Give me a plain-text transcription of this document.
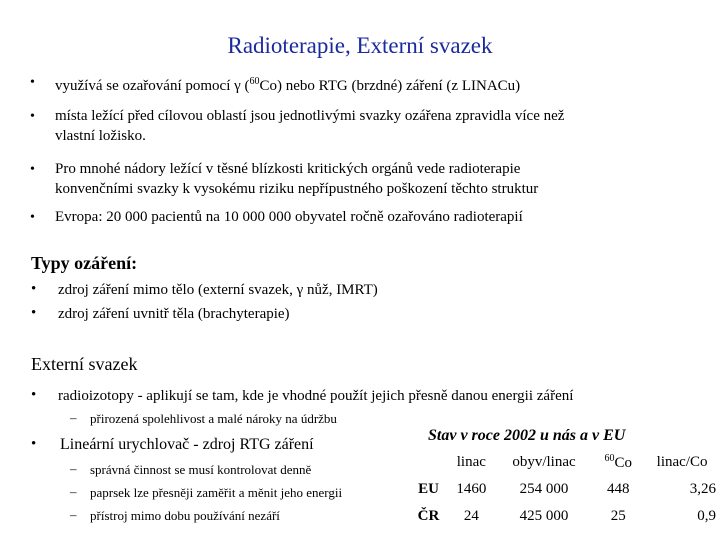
Radioterapie, Externí svazek
• využívá se ozařování pomocí γ ($^{60}$Co) nebo RTG (brzdné) záření (z LINACu)
• místa ležící před cílovou oblastí jsou jednotlivými svazky ozářena zpravidla více než
vlastní ložisko.
• Pro mnohé nádory ležící v těsné blízkosti kritických orgánů vede radioterapie
konvenčními svazky k vysokému riziku nepřípustného poškození těchto struktur
• Evropa: 20 000 pacientů na 10 000 000 obyvatel ročně ozařováno radioterapií
Typy ozáření:
• zdroj záření mimo tělo (externí svazek, γ nůž, IMRT)
• zdroj záření uvnitř těla (brachyterapie)
Externí svazek
• radioizotopy - aplikují se tam, kde je vhodné použít jejich přesně danou energii záření
– přirozená spolehlivost a malé nároky na údržbu
• Lineární urychlovač - zdroj RTG záření
– správná činnost se musí kontrolovat denně
– paprsek lze přesněji zaměřit a měnit jeho energii
– přístroj mimo dobu používání nezáří
Stav v roce 2002 u nás a v EU
	linac	obyv/linac	$^{60}$Co	linac/Co
EU	1460	254 000	448	3,26
ČR	24	425 000	25	0,9
